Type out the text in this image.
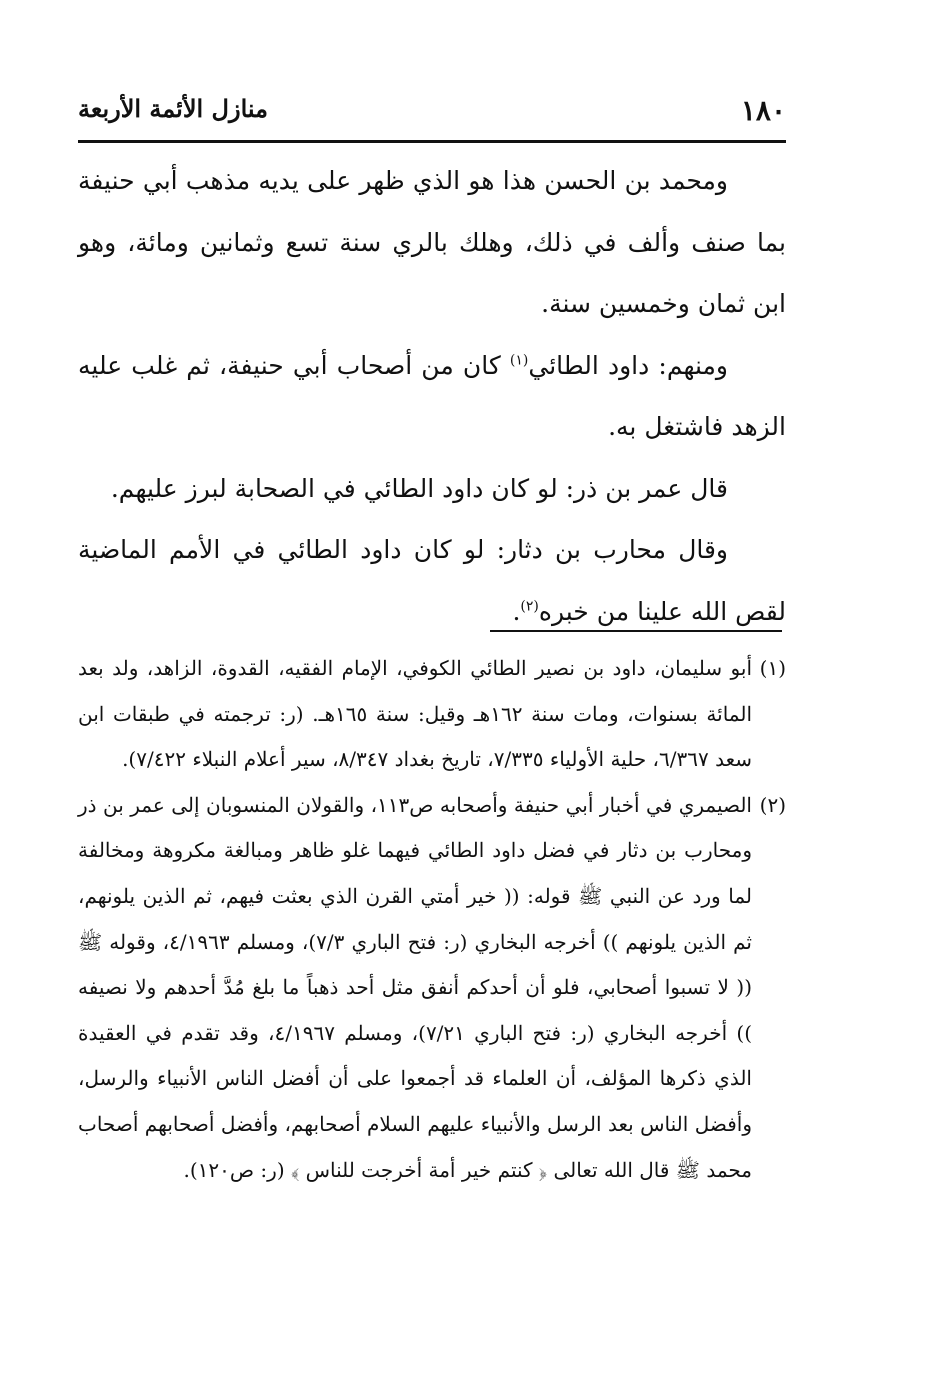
١٨٠
منازل الأئمة الأربعة

ومحمد بن الحسن هذا هو الذي ظهر على يديه مذهب أبي حنيفة بما صنف وألف في ذلك، وهلك بالري سنة تسع وثمانين ومائة، وهو ابن ثمان وخمسين سنة.

ومنهم: داود الطائي$^{(١)}$ كان من أصحاب أبي حنيفة، ثم غلب عليه الزهد فاشتغل به.

قال عمر بن ذر: لو كان داود الطائي في الصحابة لبرز عليهم.

وقال محارب بن دثار: لو كان داود الطائي في الأمم الماضية لقص الله علينا من خبره$^{(٢)}$.

(١)
أبو سليمان، داود بن نصير الطائي الكوفي، الإمام الفقيه، القدوة، الزاهد، ولد بعد المائة بسنوات، ومات سنة ١٦٢هـ وقيل: سنة ١٦٥هـ. (ر: ترجمته في طبقات ابن سعد ٦/٣٦٧، حلية الأولياء ٧/٣٣٥، تاريخ بغداد ٨/٣٤٧، سير أعلام النبلاء ٧/٤٢٢).

(٢)
الصيمري في أخبار أبي حنيفة وأصحابه ص١١٣، والقولان المنسوبان إلى عمر بن ذر ومحارب بن دثار في فضل داود الطائي فيهما غلو ظاهر ومبالغة مكروهة ومخالفة لما ورد عن النبي ﷺ قوله: (( خير أمتي القرن الذي بعثت فيهم، ثم الذين يلونهم، ثم الذين يلونهم )) أخرجه البخاري (ر: فتح الباري ٧/٣)، ومسلم ٤/١٩٦٣، وقوله ﷺ (( لا تسبوا أصحابي، فلو أن أحدكم أنفق مثل أحد ذهباً ما بلغ مُدَّ أحدهم ولا نصيفه )) أخرجه البخاري (ر: فتح الباري ٧/٢١)، ومسلم ٤/١٩٦٧، وقد تقدم في العقيدة الذي ذكرها المؤلف، أن العلماء قد أجمعوا على أن أفضل الناس الأنبياء والرسل، وأفضل الناس بعد الرسل والأنبياء عليهم السلام أصحابهم، وأفضل أصحابهم أصحاب محمد ﷺ قال الله تعالى ﴿ كنتم خير أمة أخرجت للناس ﴾ (ر: ص١٢٠).
